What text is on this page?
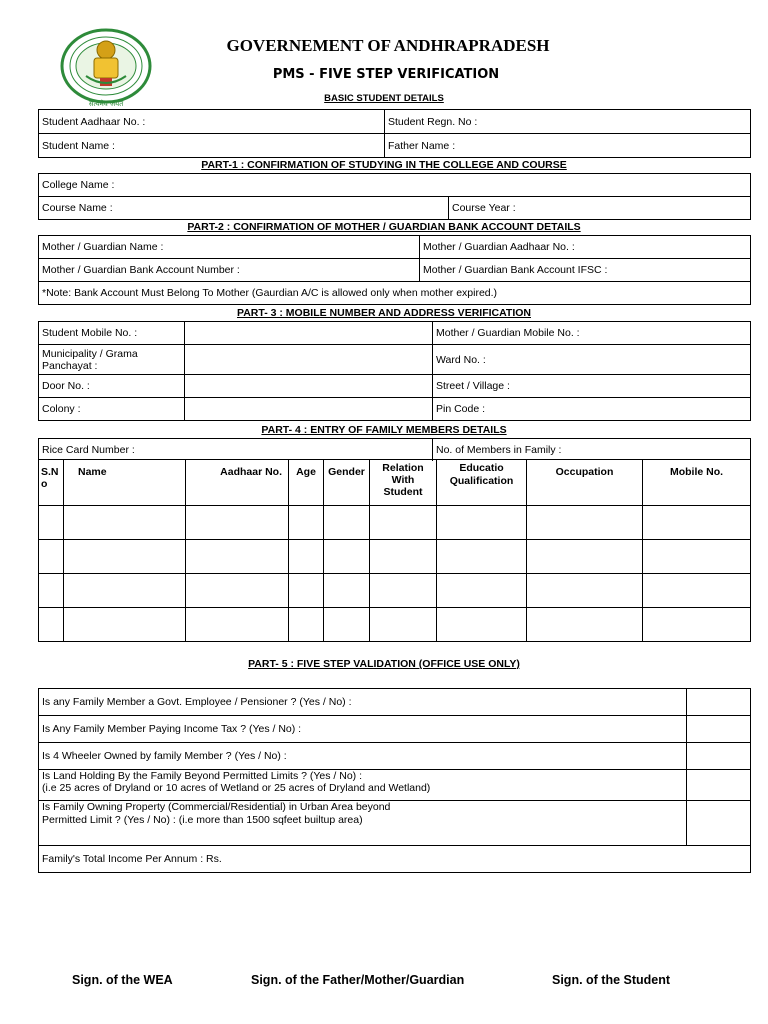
सत्यमेव जयते
GOVERNEMENT OF ANDHRAPRADESH
PMS - FIVE STEP VERIFICATION
BASIC STUDENT DETAILS
Student Aadhaar No. :	Student Regn. No :
Student Name :	Father Name :
PART-1 : CONFIRMATION OF STUDYING IN THE COLLEGE AND COURSE
College Name :
Course Name :	Course Year :
PART-2 : CONFIRMATION OF MOTHER / GUARDIAN BANK ACCOUNT DETAILS
Mother / Guardian Name :	Mother / Guardian Aadhaar No. :
Mother / Guardian Bank Account Number :	Mother / Guardian Bank Account IFSC :
*Note: Bank Account Must Belong To Mother (Gaurdian A/C is allowed only when mother expired.)	
PART- 3 : MOBILE NUMBER AND ADDRESS VERIFICATION
Student Mobile No. :		Mother / Guardian Mobile No. :
Municipality / Grama
Panchayat :		Ward No. :
Door No. :		Street / Village :
Colony :		Pin Code :
PART- 4 : ENTRY OF FAMILY MEMBERS DETAILS
Rice Card Number :	No. of Members in Family :
S.N o	Name	Aadhaar No.	Age	Gender	Relation With Student	Educatio Qualification	Occupation	Mobile No.

PART- 5 : FIVE STEP VALIDATION (OFFICE USE ONLY)
Is any Family Member a Govt. Employee / Pensioner ? (Yes / No) :	
Is Any Family Member Paying Income Tax ? (Yes / No) :	
Is 4 Wheeler Owned by family Member ? (Yes / No) :	
Is Land Holding By the Family Beyond Permitted Limits ? (Yes / No) :
(i.e 25 acres of Dryland or 10 acres of Wetland or 25 acres of Dryland and Wetland)	
Is Family Owning Property (Commercial/Residential) in Urban Area beyond
Permitted Limit ? (Yes / No) : (i.e more than 1500 sqfeet builtup area)	
Family's Total Income Per Annum : Rs.	
Sign. of the WEA	Sign. of the Father/Mother/Guardian	Sign. of the Student
